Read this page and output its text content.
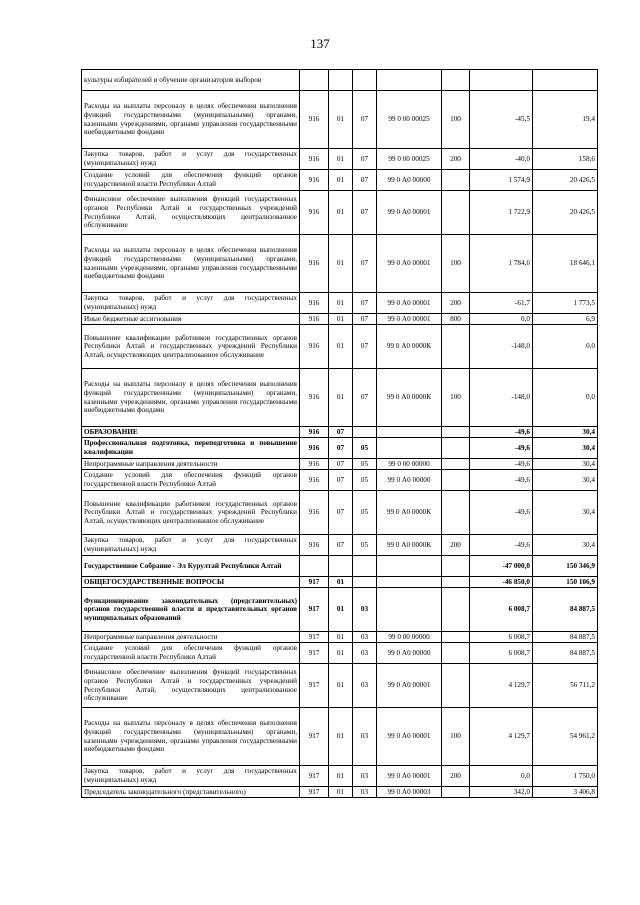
137
культуры избирателей и обучение организаторов выборов							
Расходы на выплаты персоналу в целях обеспечения выполнения функций государственными (муниципальными) органами, казенными учреждениями, органами управления государственными внебюджетными фондами	916	01	07	99 0 00 00025	100	-45,5	19,4
Закупка товаров, работ и услуг для государственных (муниципальных) нужд	916	01	07	99 0 00 00025	200	-40,0	158,6
Создание условий для обеспечения функций органов государственной власти Республики Алтай	916	01	07	99 0 А0 00000		1 574,9	20 426,5
Финансовое обеспечение выполнения функций государственных органов Республики Алтай и государственных учреждений Республики Алтай, осуществляющих централизованное обслуживание	916	01	07	99 0 А0 00001		1 722,9	20 426,5
Расходы на выплаты персоналу в целях обеспечения выполнения функций государственными (муниципальными) органами, казенными учреждениями, органами управления государственными внебюджетными фондами	916	01	07	99 0 А0 00001	100	1 784,6	18 646,1
Закупка товаров, работ и услуг для государственных (муниципальных) нужд	916	01	07	99 0 А0 00001	200	-61,7	1 773,5
Иные бюджетные ассигнования	916	01	07	99 0 А0 00001	800	0,0	6,9
Повышение квалификации работников государственных органов Республики Алтай и государственных учреждений Республики Алтай, осуществляющих централизованное обслуживание	916	01	07	99 0 А0 0000К		-148,0	0,0
Расходы на выплаты персоналу в целях обеспечения выполнения функций государственными (муниципальными) органами, казенными учреждениями, органами управления государственными внебюджетными фондами	916	01	07	99 0 А0 0000К	100	-148,0	0,0
ОБРАЗОВАНИЕ	916	07				-49,6	30,4
Профессиональная подготовка, переподготовка и повышение квалификации	916	07	05			-49,6	30,4
Непрограммные направления деятельности	916	07	05	99 0 00 00000		-49,6	30,4
Создание условий для обеспечения функций органов государственной власти Республики Алтай	916	07	05	99 0 А0 00000		-49,6	30,4
Повышение квалификации работников государственных органов Республики Алтай и государственных учреждений Республики Алтай, осуществляющих централизованное обслуживание	916	07	05	99 0 А0 0000К		-49,6	30,4
Закупка товаров, работ и услуг для государственных (муниципальных) нужд	916	07	05	99 0 А0 0000К	200	-49,6	30,4
Государственное Собрание - Эл Курултай Республики Алтай						-47 000,0	150 346,9
ОБЩЕГОСУДАРСТВЕННЫЕ ВОПРОСЫ	917	01				-46 850,0	150 106,9
Функционирование законодательных (представительных) органов государственной власти и представительных органов муниципальных образований	917	01	03			6 008,7	84 887,5
Непрограммные направления деятельности	917	01	03	99 0 00 00000		6 008,7	84 887,5
Создание условий для обеспечения функций органов государственной власти Республики Алтай	917	01	03	99 0 А0 00000		6 008,7	84 887,5
Финансовое обеспечение выполнения функций государственных органов Республики Алтай и государственных учреждений Республики Алтай, осуществляющих централизованное обслуживание	917	01	03	99 0 А0 00001		4 129,7	56 711,2
Расходы на выплаты персоналу в целях обеспечения выполнения функций государственными (муниципальными) органами, казенными учреждениями, органами управления государственными внебюджетными фондами	917	01	03	99 0 А0 00001	100	4 129,7	54 961,2
Закупка товаров, работ и услуг для государственных (муниципальных) нужд	917	01	03	99 0 А0 00001	200	0,0	1 750,0
Председатель законодательного (представительного)	917	01	03	99 0 А0 00003		342,0	3 406,8
